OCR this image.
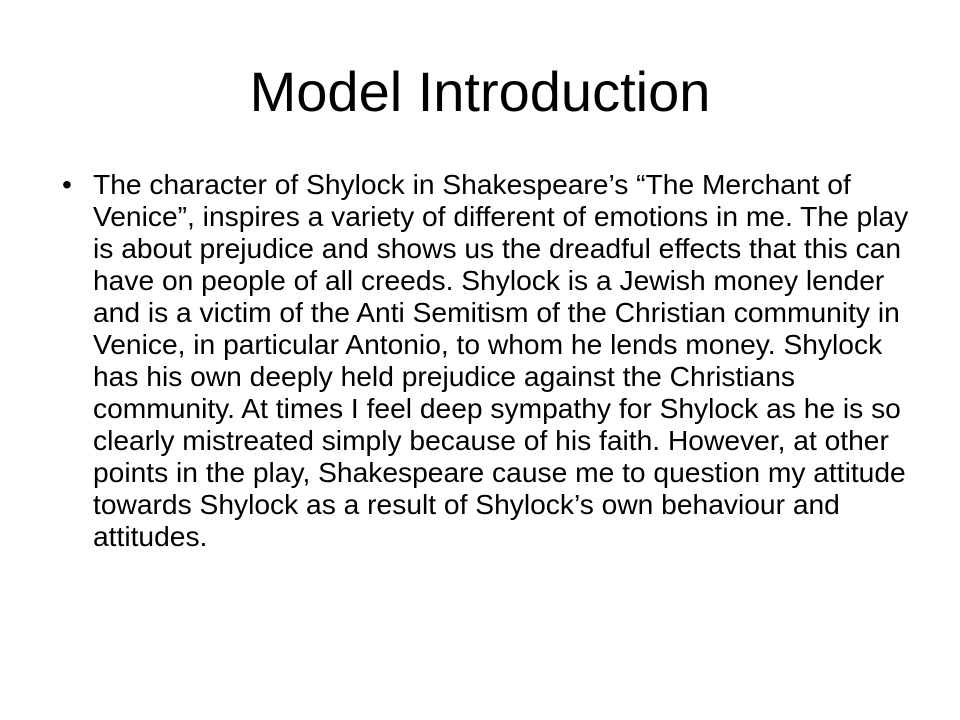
Model Introduction
• The character of Shylock in Shakespeare’s “The Merchant of Venice”, inspires a variety of different of emotions in me. The play is about prejudice and shows us the dreadful effects that this can have on people of all creeds. Shylock is a Jewish money lender and is a victim of the Anti Semitism of the Christian community in Venice, in particular Antonio, to whom he lends money. Shylock has his own deeply held prejudice against the Christians community. At times I feel deep sympathy for Shylock as he is so clearly mistreated simply because of his faith. However, at other points in the play, Shakespeare cause me to question my attitude towards Shylock as a result of Shylock’s own behaviour and attitudes.
